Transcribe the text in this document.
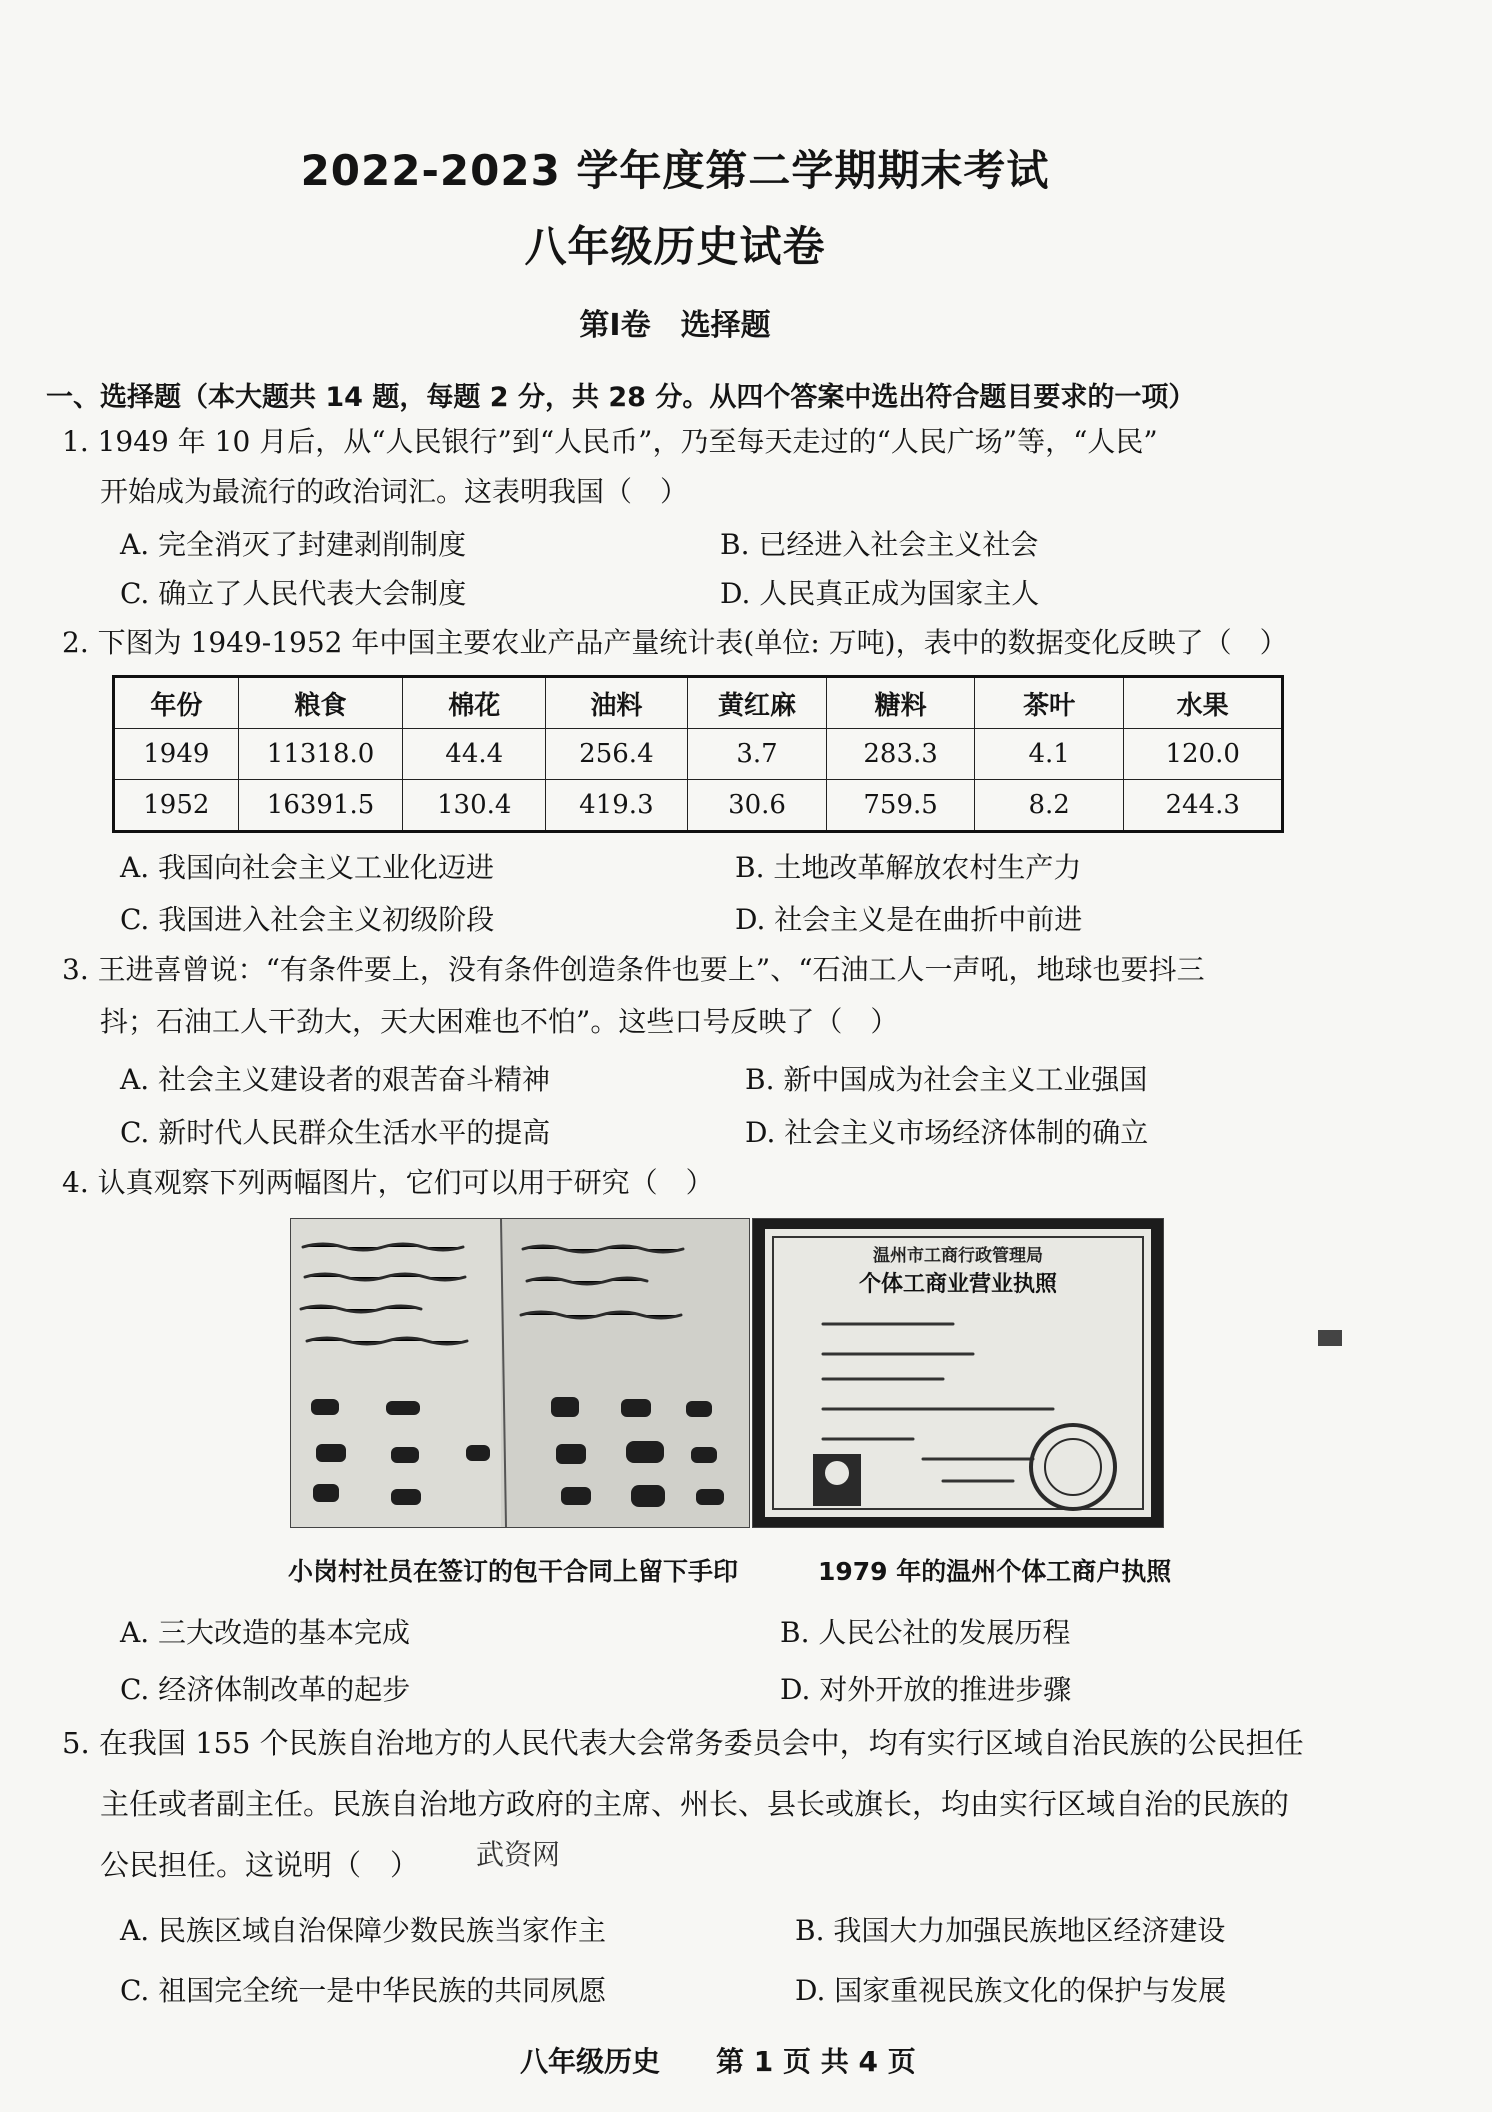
2022-2023 学年度第二学期期末考试
八年级历史试卷
第Ⅰ卷　选择题
一、选择题（本大题共 14 题，每题 2 分，共 28 分。从四个答案中选出符合题目要求的一项）
1. 1949 年 10 月后，从“人民银行”到“人民币”，乃至每天走过的“人民广场”等，“人民”
开始成为最流行的政治词汇。这表明我国（　）
A. 完全消灭了封建剥削制度	B. 已经进入社会主义社会
C. 确立了人民代表大会制度	D. 人民真正成为国家主人
2. 下图为 1949-1952 年中国主要农业产品产量统计表(单位: 万吨)，表中的数据变化反映了（　）
年份	粮食	棉花	油料	黄红麻	糖料	茶叶	水果
1949	11318.0	44.4	256.4	3.7	283.3	4.1	120.0
1952	16391.5	130.4	419.3	30.6	759.5	8.2	244.3
A. 我国向社会主义工业化迈进	B. 土地改革解放农村生产力
C. 我国进入社会主义初级阶段	D. 社会主义是在曲折中前进
3. 王进喜曾说：“有条件要上，没有条件创造条件也要上”、“石油工人一声吼，地球也要抖三
抖；石油工人干劲大，天大困难也不怕”。这些口号反映了（　）
A. 社会主义建设者的艰苦奋斗精神	B. 新中国成为社会主义工业强国
C. 新时代人民群众生活水平的提高	D. 社会主义市场经济体制的确立
4. 认真观察下列两幅图片，它们可以用于研究（　）
温州市工商行政管理局
个体工商业营业执照
小岗村社员在签订的包干合同上留下手印	1979 年的温州个体工商户执照
A. 三大改造的基本完成	B. 人民公社的发展历程
C. 经济体制改革的起步	D. 对外开放的推进步骤
5. 在我国 155 个民族自治地方的人民代表大会常务委员会中，均有实行区域自治民族的公民担任
主任或者副主任。民族自治地方政府的主席、州长、县长或旗长，均由实行区域自治的民族的
公民担任。这说明（　）
A. 民族区域自治保障少数民族当家作主	B. 我国大力加强民族地区经济建设
C. 祖国完全统一是中华民族的共同夙愿	D. 国家重视民族文化的保护与发展
武资网
八年级历史　　第 1 页 共 4 页
